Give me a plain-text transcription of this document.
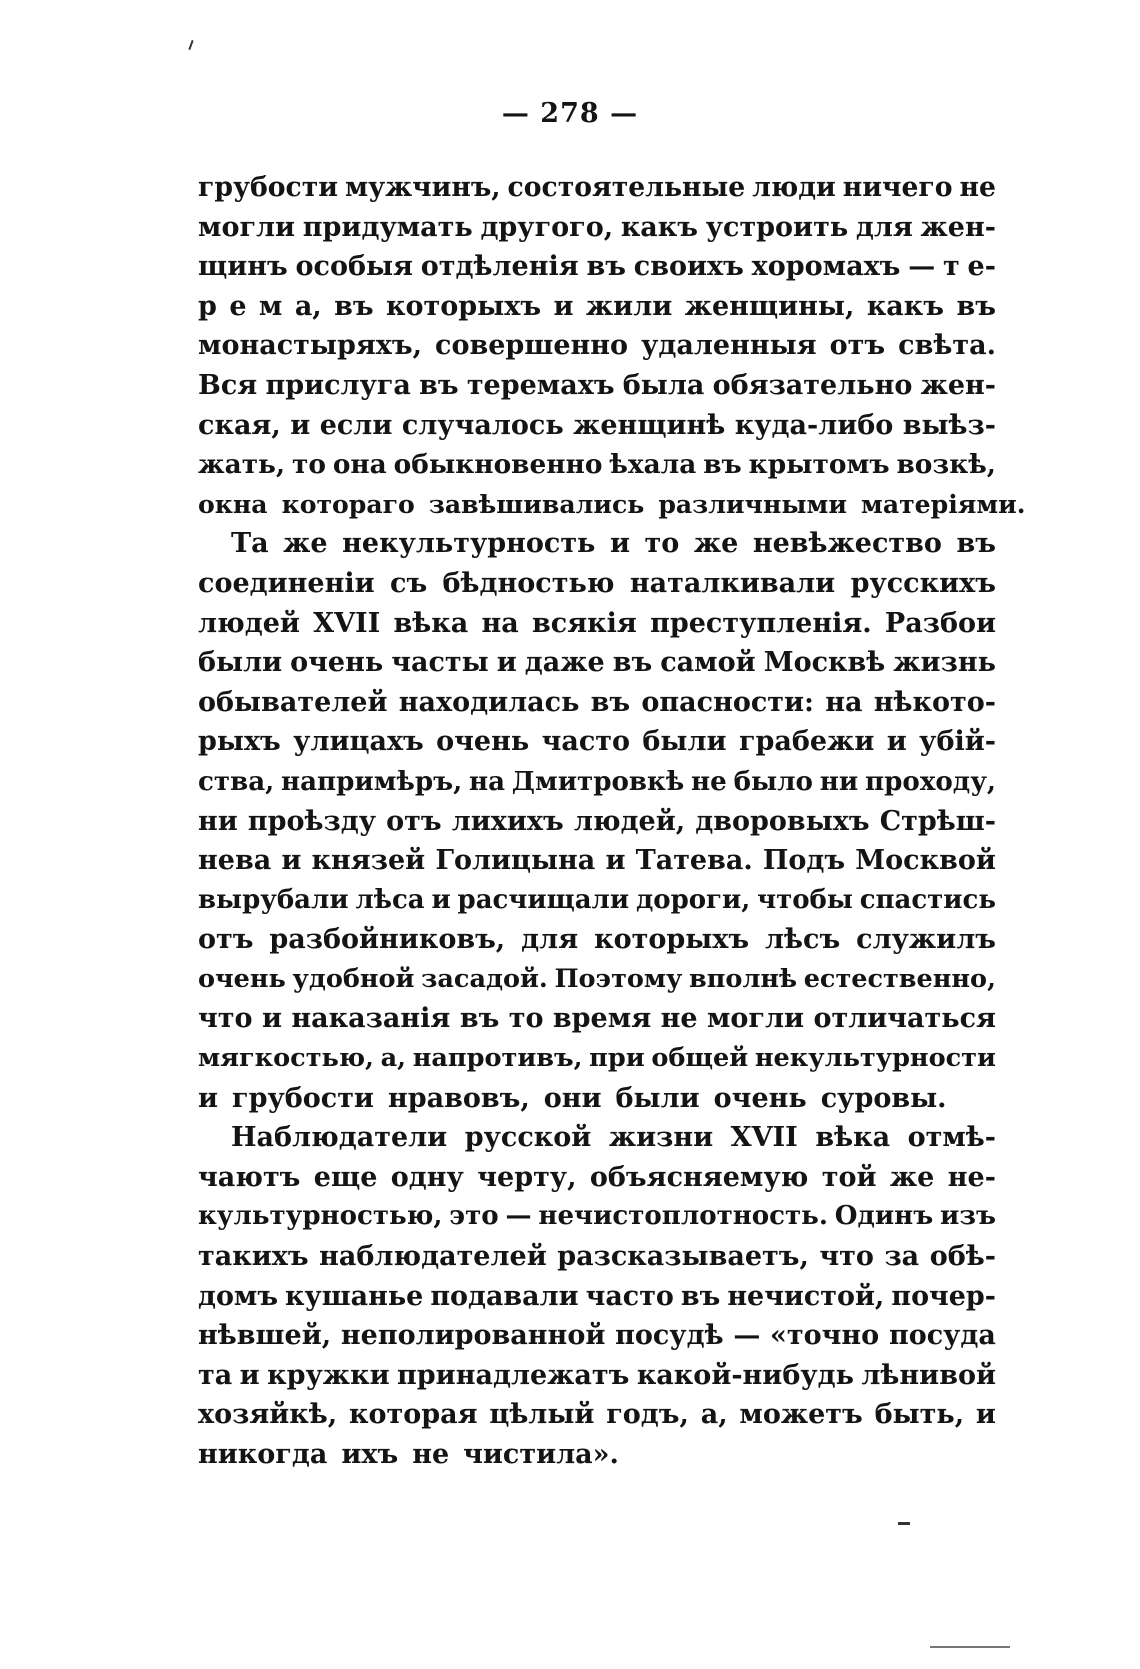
— 278 —
грубости мужчинъ, состоятельные люди ничего не
могли придумать другого, какъ устроить для жен-
щинъ особыя отдѣленія въ своихъ хоромахъ — т е-
р е м а, въ которыхъ и жили женщины, какъ въ
монастыряхъ, совершенно удаленныя отъ свѣта.
Вся прислуга въ теремахъ была обязательно жен-
ская, и если случалось женщинѣ куда-либо выѣз-
жать, то она обыкновенно ѣхала въ крытомъ возкѣ,
окна котораго завѣшивались различными матеріями.
Та же некультурность и то же невѣжество въ
соединеніи съ бѣдностью наталкивали русскихъ
людей XVII вѣка на всякія преступленія. Разбои
были очень часты и даже въ самой Москвѣ жизнь
обывателей находилась въ опасности: на нѣкото-
рыхъ улицахъ очень часто были грабежи и убій-
ства, напримѣръ, на Дмитровкѣ не было ни проходу,
ни проѣзду отъ лихихъ людей, дворовыхъ Стрѣш-
нева и князей Голицына и Татева. Подъ Москвой
вырубали лѣса и расчищали дороги, чтобы спастись
отъ разбойниковъ, для которыхъ лѣсъ служилъ
очень удобной засадой. Поэтому вполнѣ естественно,
что и наказанія въ то время не могли отличаться
мягкостью, а, напротивъ, при общей некультурности
и грубости нравовъ, они были очень суровы.
Наблюдатели русской жизни XVII вѣка отмѣ-
чаютъ еще одну черту, объясняемую той же не-
культурностью, это — нечистоплотность. Одинъ изъ
такихъ наблюдателей разсказываетъ, что за обѣ-
домъ кушанье подавали часто въ нечистой, почер-
нѣвшей, неполированной посудѣ — «точно посуда
та и кружки принадлежатъ какой-нибудь лѣнивой
хозяйкѣ, которая цѣлый годъ, а, можетъ быть, и
никогда ихъ не чистила».
